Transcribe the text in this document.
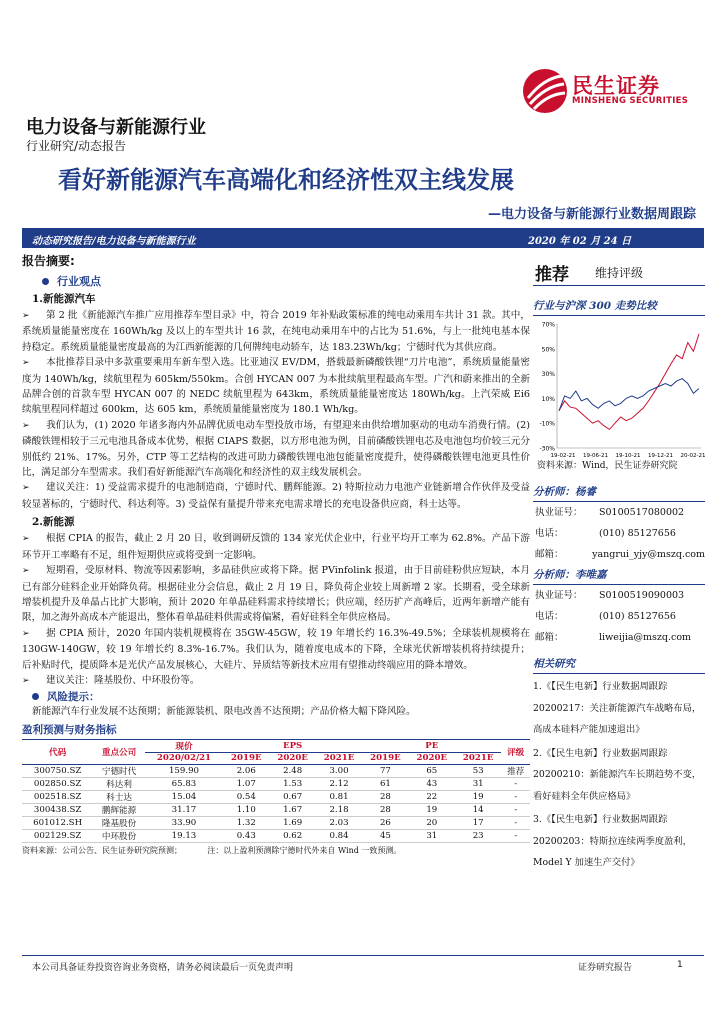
民生证券
MINSHENG SECURITIES
电力设备与新能源行业
行业研究/动态报告
看好新能源汽车高端化和经济性双主线发展
—电力设备与新能源行业数据周跟踪
动态研究报告/电力设备与新能源行业	2020 年 02 月 24 日
报告摘要:
行业观点
1.新能源汽车
➢ 第 2 批《新能源汽车推广应用推荐车型目录》中，符合 2019 年补贴政策标准的纯电动乘用车共计 31 款。其中，系统质量能量密度在 160Wh/kg 及以上的车型共计 16 款，在纯电动乘用车中的占比为 51.6%，与上一批纯电基本保持稳定。系统质量能量密度最高的为江西新能源的几何牌纯电动轿车，达 183.23Wh/kg；宁德时代为其供应商。
➢ 本批推荐目录中多款重要乘用车新车型入选。比亚迪汉 EV/DM，搭载最新磷酸铁锂“刀片电池”，系统质量能量密度为 140Wh/kg，续航里程为 605km/550km。合创 HYCAN 007 为本批续航里程最高车型。广汽和蔚来推出的全新品牌合创的首款车型 HYCAN 007 的 NEDC 续航里程为 643km，系统质量能量密度达 180Wh/kg。上汽荣威 Ei6 续航里程同样超过 600km，达 605 km，系统质量能量密度为 180.1 Wh/kg。
➢ 我们认为，(1) 2020 年诸多海内外品牌优质电动车型投放市场，有望迎来由供给增加驱动的电动车消费行情。(2) 磷酸铁锂相较于三元电池具备成本优势，根据 CIAPS 数据，以方形电池为例，目前磷酸铁锂电芯及电池包均价较三元分别低约 21%、17%。另外，CTP 等工艺结构的改进可助力磷酸铁锂电池包能量密度提升，使得磷酸铁锂电池更具性价比，满足部分车型需求。我们看好新能源汽车高端化和经济性的双主线发展机会。
➢ 建议关注：1) 受益需求提升的电池制造商，宁德时代、鹏辉能源。2) 特斯拉动力电池产业链新增合作伙伴及受益较显著标的，宁德时代、科达利等。3) 受益保有量提升带来充电需求增长的充电设备供应商，科士达等。
2.新能源
➢ 根据 CPIA 的报告，截止 2 月 20 日，收到调研反馈的 134 家光伏企业中，行业平均开工率为 62.8%。产品下游环节开工率略有不足，组件短期供应或将受到一定影响。
➢ 短期看，受原材料、物流等因素影响，多晶硅供应或将下降。据 PVinfolink 报道，由于目前硅粉供应短缺，本月已有部分硅料企业开始降负荷。根据硅业分会信息，截止 2 月 19 日，降负荷企业较上周新增 2 家。长期看，受全球新增装机提升及单晶占比扩大影响，预计 2020 年单晶硅料需求持续增长；供应端，经历扩产高峰后，近两年新增产能有限，加之海外高成本产能退出，整体看单晶硅料供需或将偏紧，看好硅料全年供应格局。
➢ 据 CPIA 预计，2020 年国内装机规模将在 35GW-45GW，较 19 年增长约 16.3%-49.5%；全球装机规模将在 130GW-140GW，较 19 年增长约 8.3%-16.7%。我们认为，随着度电成本的下降，全球光伏新增装机将持续提升；后补贴时代，提质降本是光伏产品发展核心，大硅片、异质结等新技术应用有望推动终端应用的降本增效。
➢ 建议关注：隆基股份、中环股份等。
风险提示：
新能源汽车行业发展不达预期；新能源装机、限电改善不达预期；产品价格大幅下降风险。
盈利预测与财务指标
代码	重点公司	现价	EPS			PE			评级
		2020/02/21	2019E	2020E	2021E	2019E	2020E	2021E	
300750.SZ	宁德时代	159.90	2.06	2.48	3.00	77	65	53	推荐
002850.SZ	科达利	65.83	1.07	1.53	2.12	61	43	31	-
002518.SZ	科士达	15.04	0.54	0.67	0.81	28	22	19	-
300438.SZ	鹏辉能源	31.17	1.10	1.67	2.18	28	19	14	-
601012.SH	隆基股份	33.90	1.32	1.69	2.03	26	20	17	-
002129.SZ	中环股份	19.13	0.43	0.62	0.84	45	31	23	-
资料来源：公司公告、民生证券研究院预测；          注：以上盈利预测除宁德时代外来自 Wind 一致预测。
推荐 维持评级
行业与沪深 300 走势比较
70%
50%
30%
10%
-10%
-30%
19-02-21 19-06-21 19-10-21 19-12-21 20-02-21
资料来源：Wind，民生证券研究院
分析师：杨睿
执业证号：	S0100517080002
电话：	(010) 85127656
邮箱：	yangrui_yjy@mszq.com
分析师：李唯嘉
执业证号：	S0100519090003
电话：	(010) 85127656
邮箱：	liweijia@mszq.com
相关研究
1.《【民生电新】行业数据周跟踪20200217：关注新能源汽车战略布局，高成本硅料产能加速退出》
2.《【民生电新】行业数据周跟踪20200210：新能源汽车长期趋势不变，看好硅料全年供应格局》
3.《【民生电新】行业数据周跟踪20200203：特斯拉连续两季度盈利，Model Y 加速生产交付》
本公司具备证券投资咨询业务资格，请务必阅读最后一页免责声明	证券研究报告	1
